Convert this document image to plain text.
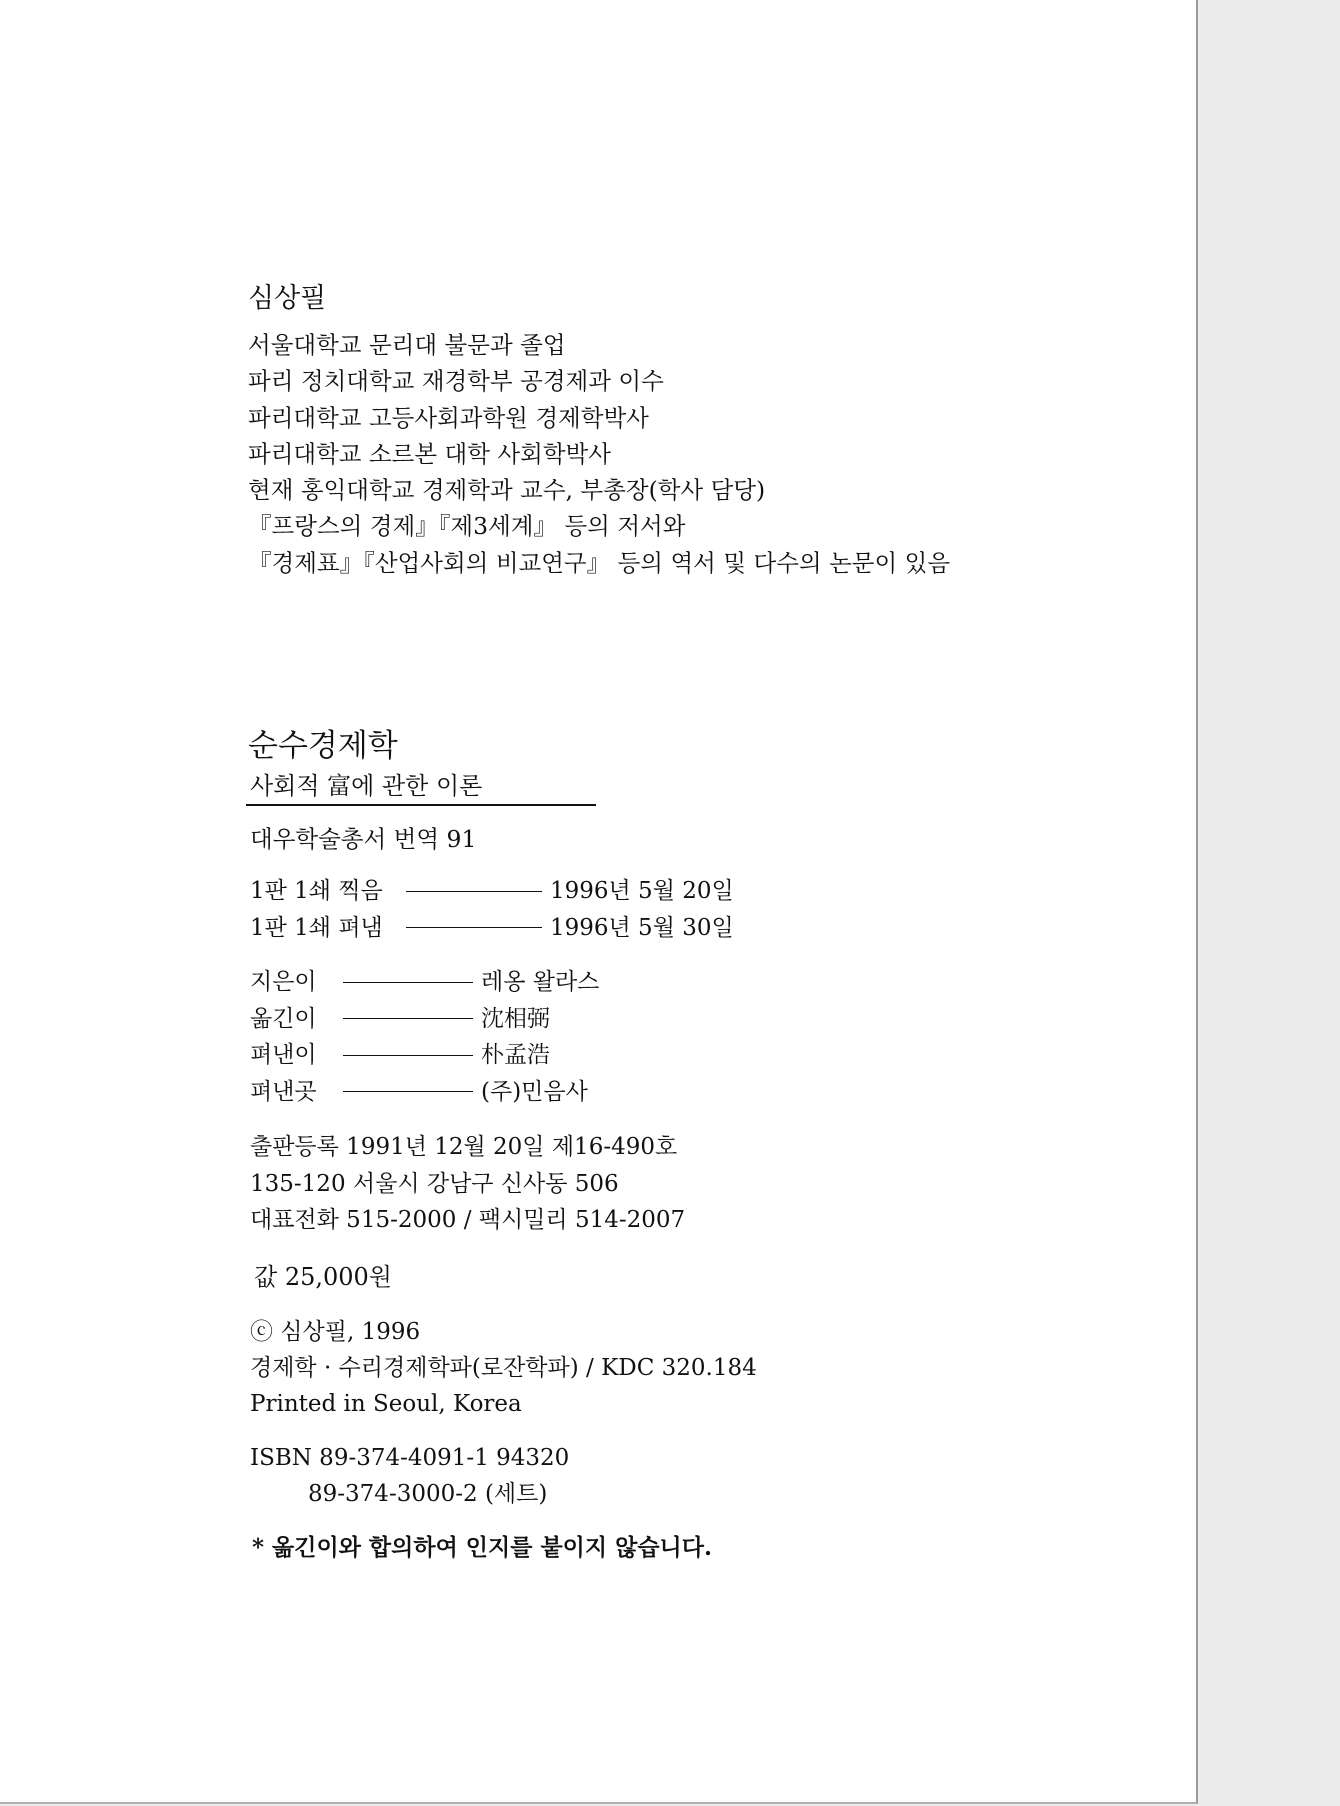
심상필
서울대학교 문리대 불문과 졸업
파리 정치대학교 재경학부 공경제과 이수
파리대학교 고등사회과학원 경제학박사
파리대학교 소르본 대학 사회학박사
현재 홍익대학교 경제학과 교수, 부총장(학사 담당)
『프랑스의 경제』『제3세계』 등의 저서와
『경제표』『산업사회의 비교연구』 등의 역서 및 다수의 논문이 있음
순수경제학
사회적 富에 관한 이론
대우학술총서 번역 91
1판 1쇄 찍음	1996년 5월 20일
1판 1쇄 펴냄	1996년 5월 30일
지은이	레옹 왈라스
옮긴이	沈相弼
펴낸이	朴孟浩
펴낸곳	(주)민음사
출판등록 1991년 12월 20일 제16-490호
135-120 서울시 강남구 신사동 506
대표전화 515-2000 / 팩시밀리 514-2007
값 25,000원
ⓒ 심상필, 1996
경제학 · 수리경제학파(로잔학파) / KDC 320.184
Printed in Seoul, Korea
ISBN 89-374-4091-1 94320
89-374-3000-2 (세트)
* 옮긴이와 합의하여 인지를 붙이지 않습니다.
